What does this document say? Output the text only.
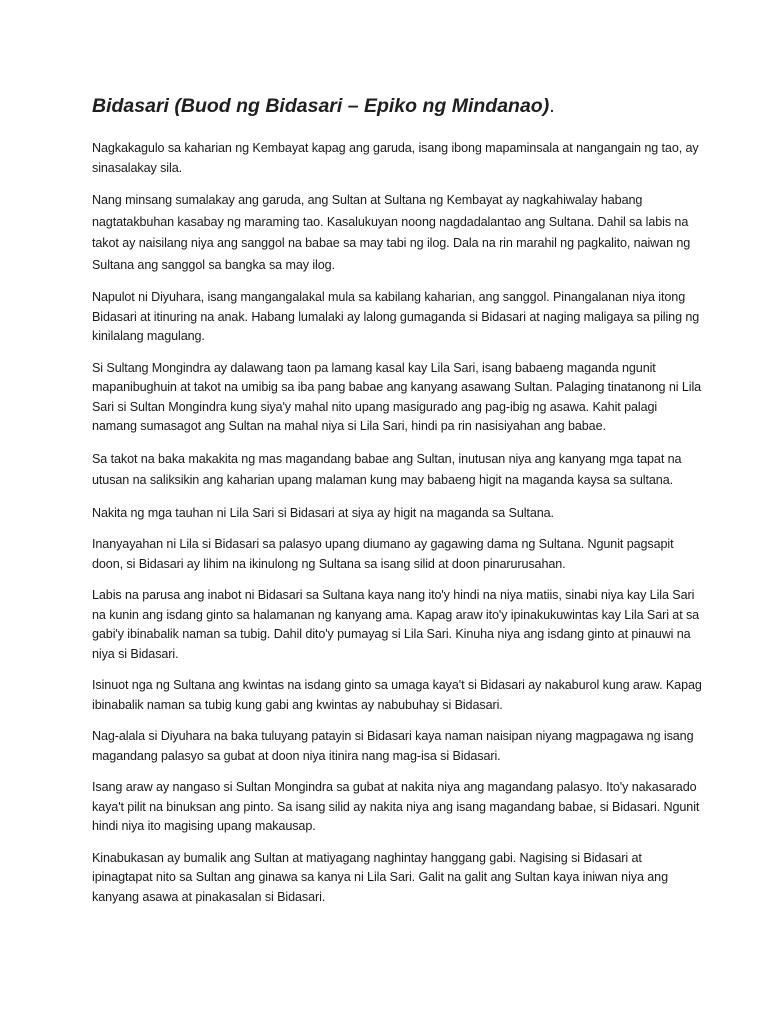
Bidasari (Buod ng Bidasari – Epiko ng Mindanao).

Nagkakagulo sa kaharian ng Kembayat kapag ang garuda, isang ibong mapaminsala at nangangain ng tao, ay sinasalakay sila.

Nang minsang sumalakay ang garuda, ang Sultan at Sultana ng Kembayat ay nagkahiwalay habang nagtatakbuhan kasabay ng maraming tao. Kasalukuyan noong nagdadalantao ang Sultana. Dahil sa labis na takot ay naisilang niya ang sanggol na babae sa may tabi ng ilog. Dala na rin marahil ng pagkalito, naiwan ng Sultana ang sanggol sa bangka sa may ilog.

Napulot ni Diyuhara, isang mangangalakal mula sa kabilang kaharian, ang sanggol. Pinangalanan niya itong Bidasari at itinuring na anak. Habang lumalaki ay lalong gumaganda si Bidasari at naging maligaya sa piling ng kinilalang magulang.

Si Sultang Mongindra ay dalawang taon pa lamang kasal kay Lila Sari, isang babaeng maganda ngunit mapanibughuin at takot na umibig sa iba pang babae ang kanyang asawang Sultan. Palaging tinatanong ni Lila Sari si Sultan Mongindra kung siya'y mahal nito upang masigurado ang pag-ibig ng asawa. Kahit palagi namang sumasagot ang Sultan na mahal niya si Lila Sari, hindi pa rin nasisiyahan ang babae.

Sa takot na baka makakita ng mas magandang babae ang Sultan, inutusan niya ang kanyang mga tapat na utusan na saliksikin ang kaharian upang malaman kung may babaeng higit na maganda kaysa sa sultana.

Nakita ng mga tauhan ni Lila Sari si Bidasari at siya ay higit na maganda sa Sultana.

Inanyayahan ni Lila si Bidasari sa palasyo upang diumano ay gagawing dama ng Sultana. Ngunit pagsapit doon, si Bidasari ay lihim na ikinulong ng Sultana sa isang silid at doon pinarurusahan.

Labis na parusa ang inabot ni Bidasari sa Sultana kaya nang ito'y hindi na niya matiis, sinabi niya kay Lila Sari na kunin ang isdang ginto sa halamanan ng kanyang ama. Kapag araw ito'y ipinakukuwintas kay Lila Sari at sa gabi'y ibinabalik naman sa tubig. Dahil dito'y pumayag si Lila Sari. Kinuha niya ang isdang ginto at pinauwi na niya si Bidasari.

Isinuot nga ng Sultana ang kwintas na isdang ginto sa umaga kaya't si Bidasari ay nakaburol kung araw. Kapag ibinabalik naman sa tubig kung gabi ang kwintas ay nabubuhay si Bidasari.

Nag-alala si Diyuhara na baka tuluyang patayin si Bidasari kaya naman naisipan niyang magpagawa ng isang magandang palasyo sa gubat at doon niya itinira nang mag-isa si Bidasari.

Isang araw ay nangaso si Sultan Mongindra sa gubat at nakita niya ang magandang palasyo. Ito'y nakasarado kaya't pilit na binuksan ang pinto. Sa isang silid ay nakita niya ang isang magandang babae, si Bidasari. Ngunit hindi niya ito magising upang makausap.

Kinabukasan ay bumalik ang Sultan at matiyagang naghintay hanggang gabi. Nagising si Bidasari at ipinagtapat nito sa Sultan ang ginawa sa kanya ni Lila Sari. Galit na galit ang Sultan kaya iniwan niya ang kanyang asawa at pinakasalan si Bidasari.
